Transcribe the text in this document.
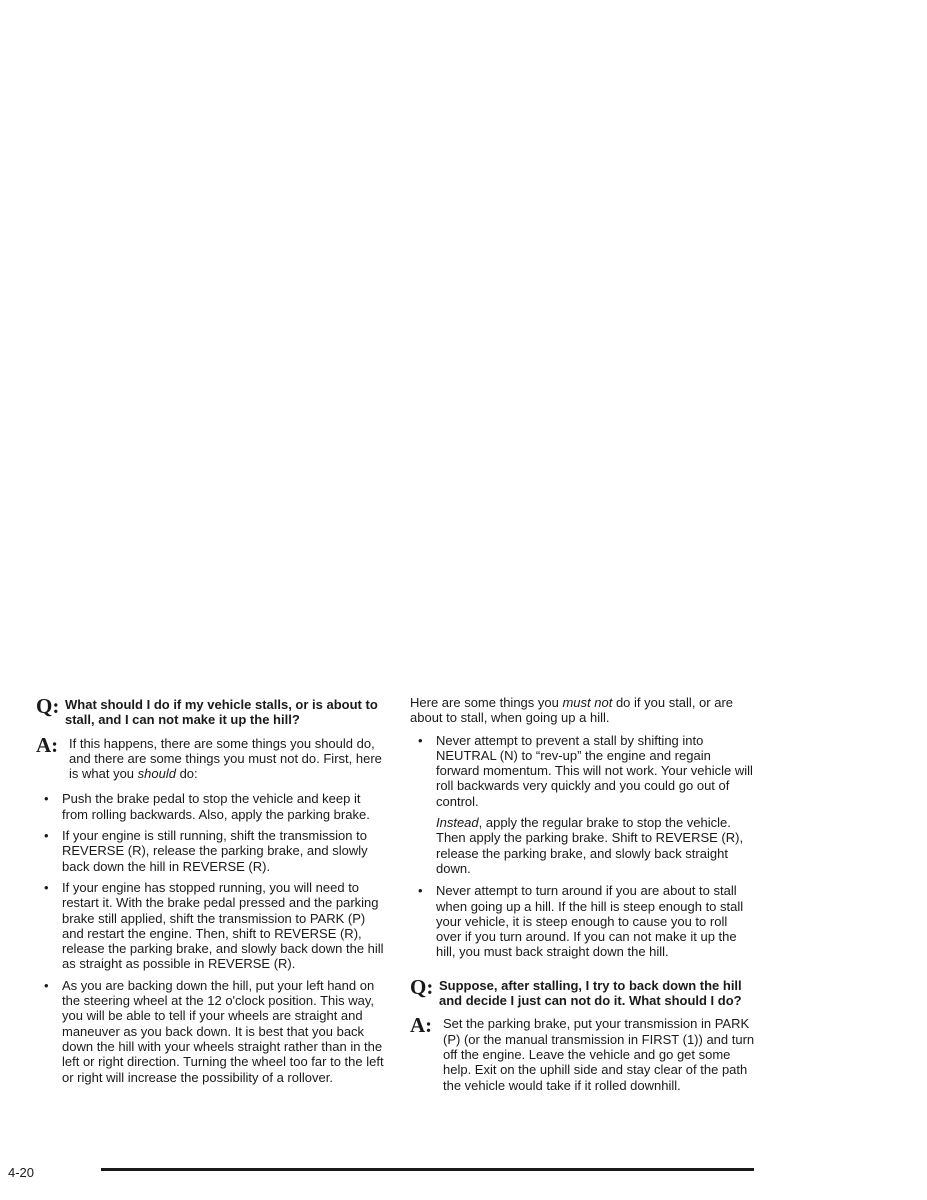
Q: What should I do if my vehicle stalls, or is about to stall, and I can not make it up the hill?
A: If this happens, there are some things you should do, and there are some things you must not do. First, here is what you should do:
• Push the brake pedal to stop the vehicle and keep it from rolling backwards. Also, apply the parking brake.
• If your engine is still running, shift the transmission to REVERSE (R), release the parking brake, and slowly back down the hill in REVERSE (R).
• If your engine has stopped running, you will need to restart it. With the brake pedal pressed and the parking brake still applied, shift the transmission to PARK (P) and restart the engine. Then, shift to REVERSE (R), release the parking brake, and slowly back down the hill as straight as possible in REVERSE (R).
• As you are backing down the hill, put your left hand on the steering wheel at the 12 o'clock position. This way, you will be able to tell if your wheels are straight and maneuver as you back down. It is best that you back down the hill with your wheels straight rather than in the left or right direction. Turning the wheel too far to the left or right will increase the possibility of a rollover.

Here are some things you must not do if you stall, or are about to stall, when going up a hill.

• Never attempt to prevent a stall by shifting into NEUTRAL (N) to “rev-up” the engine and regain forward momentum. This will not work. Your vehicle will roll backwards very quickly and you could go out of control.

Instead, apply the regular brake to stop the vehicle. Then apply the parking brake. Shift to REVERSE (R), release the parking brake, and slowly back straight down.

• Never attempt to turn around if you are about to stall when going up a hill. If the hill is steep enough to stall your vehicle, it is steep enough to cause you to roll over if you turn around. If you can not make it up the hill, you must back straight down the hill.
Q: Suppose, after stalling, I try to back down the hill and decide I just can not do it. What should I do?
A: Set the parking brake, put your transmission in PARK (P) (or the manual transmission in FIRST (1)) and turn off the engine. Leave the vehicle and go get some help. Exit on the uphill side and stay clear of the path the vehicle would take if it rolled downhill.
4-20
